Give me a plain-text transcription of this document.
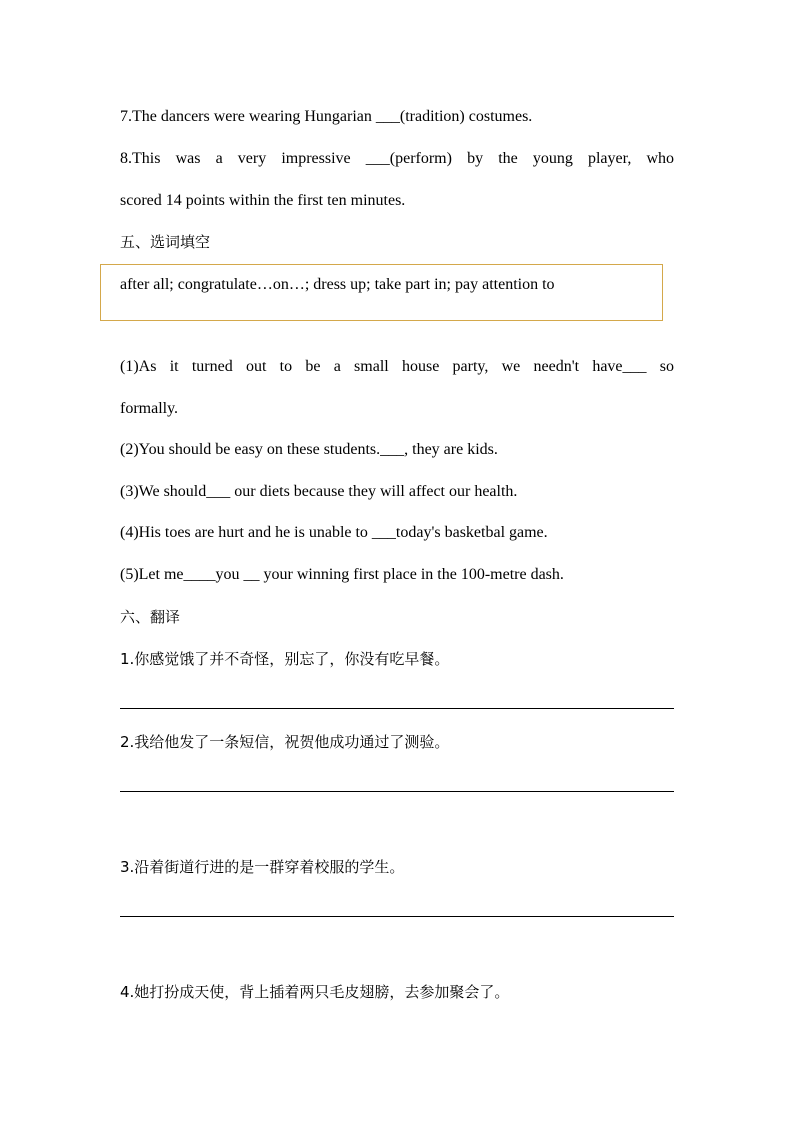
7.The dancers were wearing Hungarian ___(tradition) costumes.
8.This was a very impressive ___(perform) by the young player, who
scored 14 points within the first ten minutes.
五、选词填空
after all; congratulate…on…; dress up; take part in; pay attention to
(1)As it turned out to be a small house party, we needn't have___ so
formally.
(2)You should be easy on these students.___, they are kids.
(3)We should___ our diets because they will affect our health.
(4)His toes are hurt and he is unable to ___today's basketbal game.
(5)Let me____you __ your winning first place in the 100-metre dash.
六、翻译
1.你感觉饿了并不奇怪，别忘了，你没有吃早餐。
2.我给他发了一条短信，祝贺他成功通过了测验。
3.沿着街道行进的是一群穿着校服的学生。
4.她打扮成天使，背上插着两只毛皮翅膀，去参加聚会了。
